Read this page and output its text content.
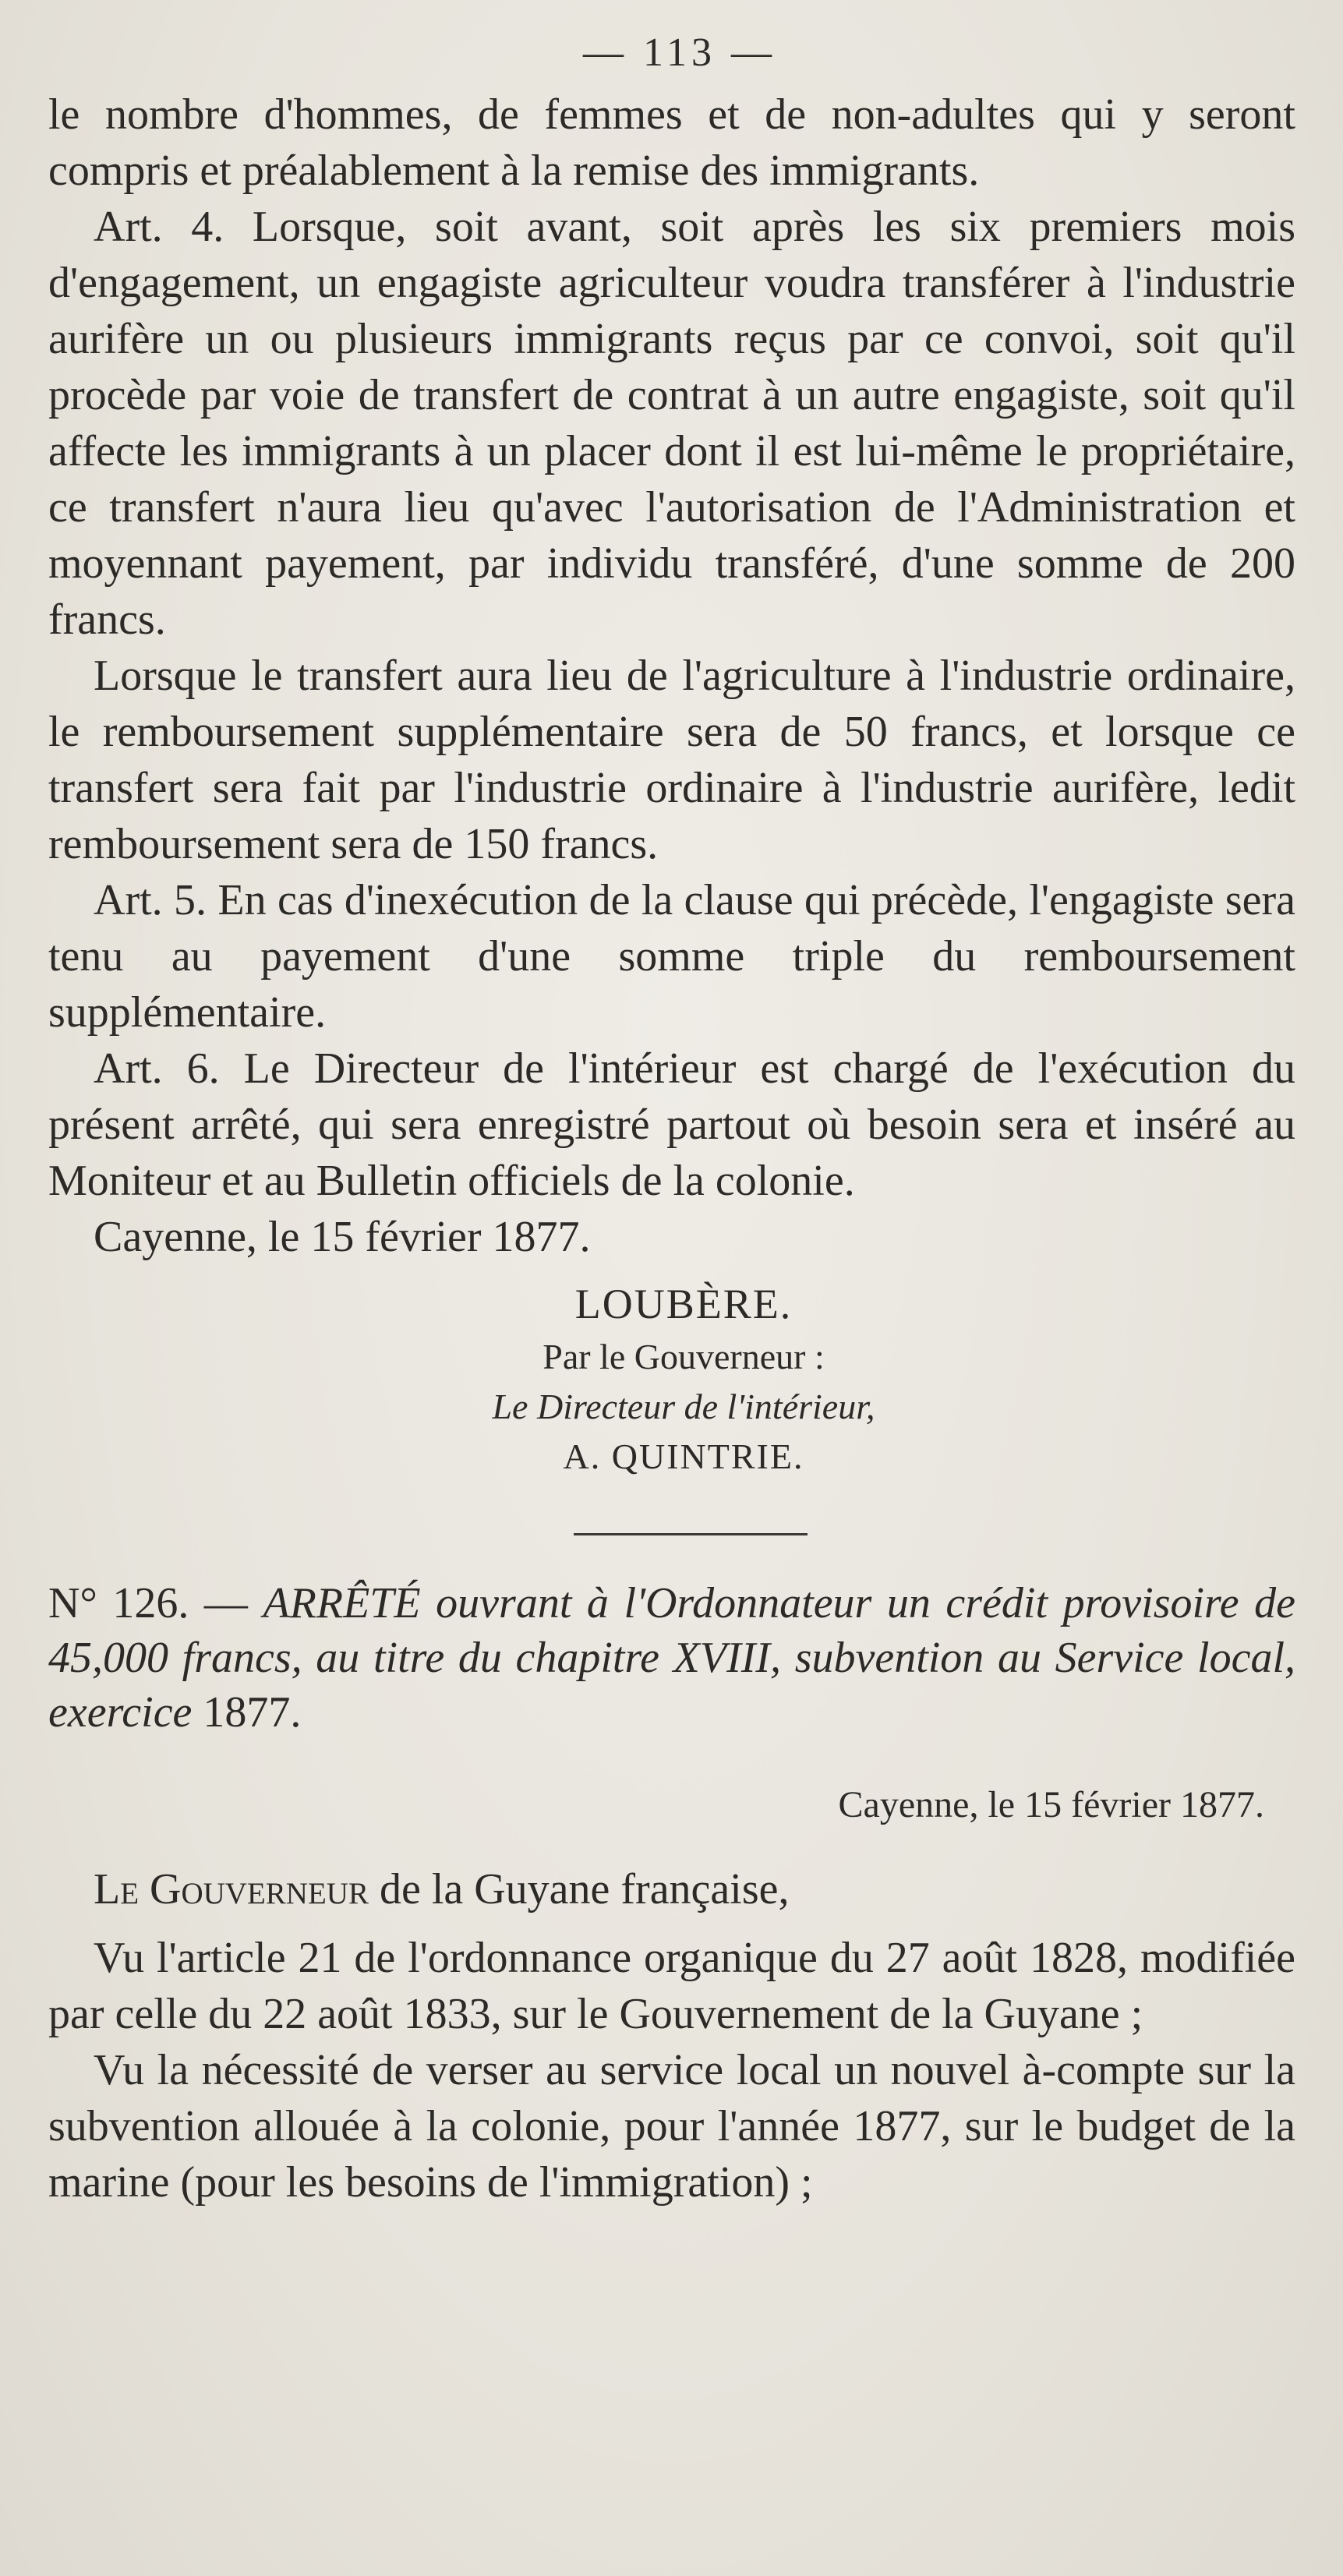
— 113 —

le nombre d'hommes, de femmes et de non-adultes qui y seront compris et préalablement à la remise des immigrants.

Art. 4. Lorsque, soit avant, soit après les six premiers mois d'engagement, un engagiste agriculteur voudra transférer à l'industrie aurifère un ou plusieurs immigrants reçus par ce convoi, soit qu'il procède par voie de transfert de contrat à un autre engagiste, soit qu'il affecte les immigrants à un placer dont il est lui-même le propriétaire, ce transfert n'aura lieu qu'avec l'autorisation de l'Administration et moyennant payement, par individu transféré, d'une somme de 200 francs.

Lorsque le transfert aura lieu de l'agriculture à l'industrie ordinaire, le remboursement supplémentaire sera de 50 francs, et lorsque ce transfert sera fait par l'industrie ordinaire à l'industrie aurifère, ledit remboursement sera de 150 francs.

Art. 5. En cas d'inexécution de la clause qui précède, l'engagiste sera tenu au payement d'une somme triple du remboursement supplémentaire.

Art. 6. Le Directeur de l'intérieur est chargé de l'exécution du présent arrêté, qui sera enregistré partout où besoin sera et inséré au Moniteur et au Bulletin officiels de la colonie.

Cayenne, le 15 février 1877.

LOUBÈRE.
Par le Gouverneur :
Le Directeur de l'intérieur,
A. QUINTRIE.

N° 126. — ARRÊTÉ ouvrant à l'Ordonnateur un crédit provisoire de 45,000 francs, au titre du chapitre XVIII, subvention au Service local, exercice 1877.

Cayenne, le 15 février 1877.

Le Gouverneur de la Guyane française,

Vu l'article 21 de l'ordonnance organique du 27 août 1828, modifiée par celle du 22 août 1833, sur le Gouvernement de la Guyane ;

Vu la nécessité de verser au service local un nouvel à-compte sur la subvention allouée à la colonie, pour l'année 1877, sur le budget de la marine (pour les besoins de l'immigration) ;
